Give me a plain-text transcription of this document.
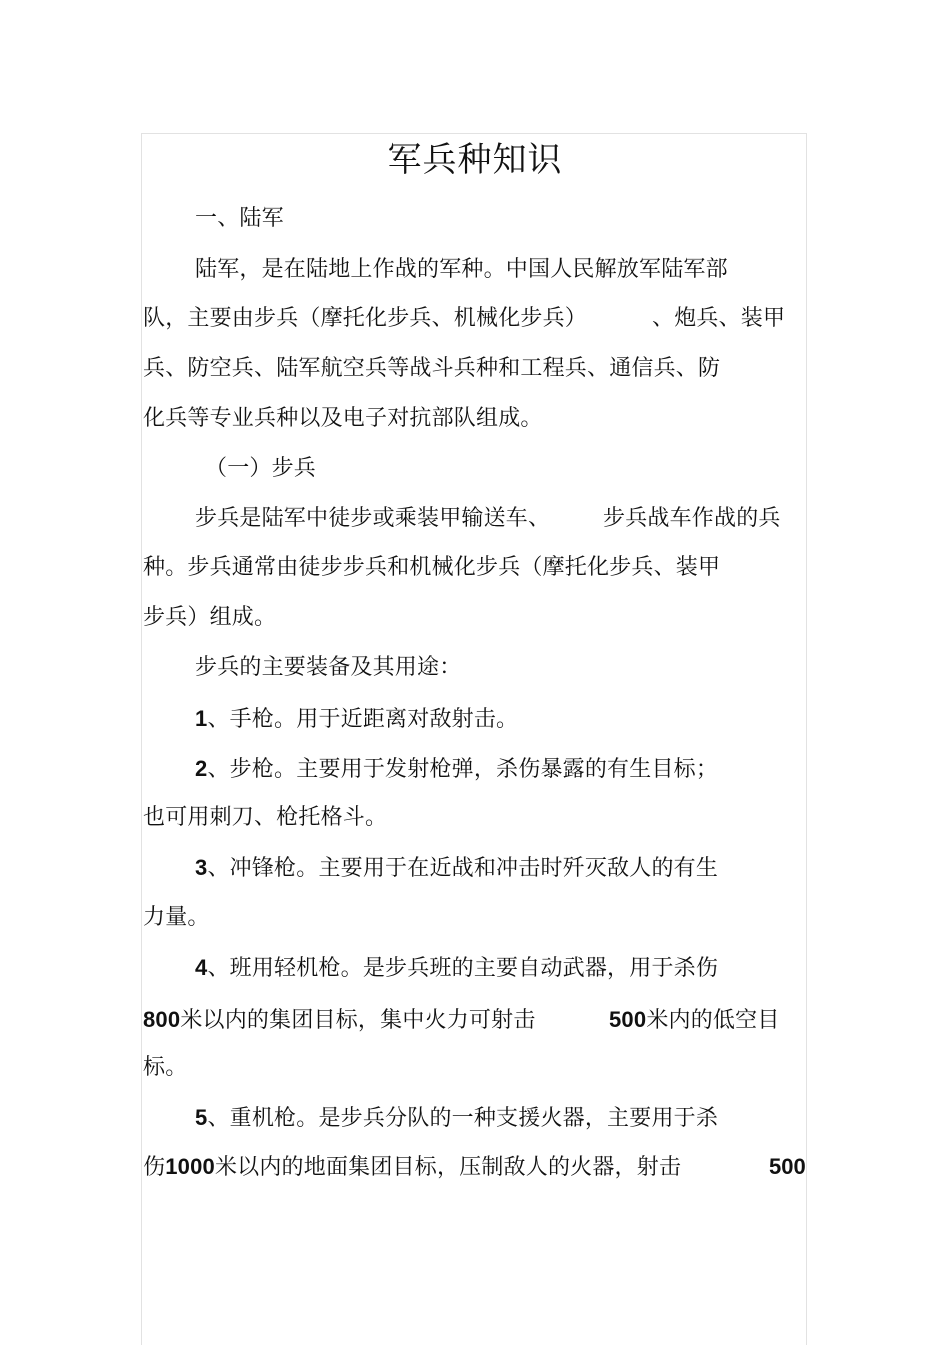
军兵种知识
一、陆军
陆军，是在陆地上作战的军种。中国人民解放军陆军部
队，主要由步兵（摩托化步兵、机械化步兵）	、炮兵、装甲
兵、防空兵、陆军航空兵等战斗兵种和工程兵、通信兵、防
化兵等专业兵种以及电子对抗部队组成。
（一）步兵
步兵是陆军中徒步或乘装甲输送车、 步兵战车作战的兵
种。步兵通常由徒步步兵和机械化步兵（摩托化步兵、装甲
步兵）组成。
步兵的主要装备及其用途：
1、手枪。用于近距离对敌射击。
2、步枪。主要用于发射枪弹，杀伤暴露的有生目标；
也可用刺刀、枪托格斗。
3、冲锋枪。主要用于在近战和冲击时歼灭敌人的有生
力量。
4、班用轻机枪。是步兵班的主要自动武器，用于杀伤
800米以内的集团目标，集中火力可射击	500米内的低空目
标。
5、重机枪。是步兵分队的一种支援火器，主要用于杀
伤1000米以内的地面集团目标，压制敌人的火器，射击	500
